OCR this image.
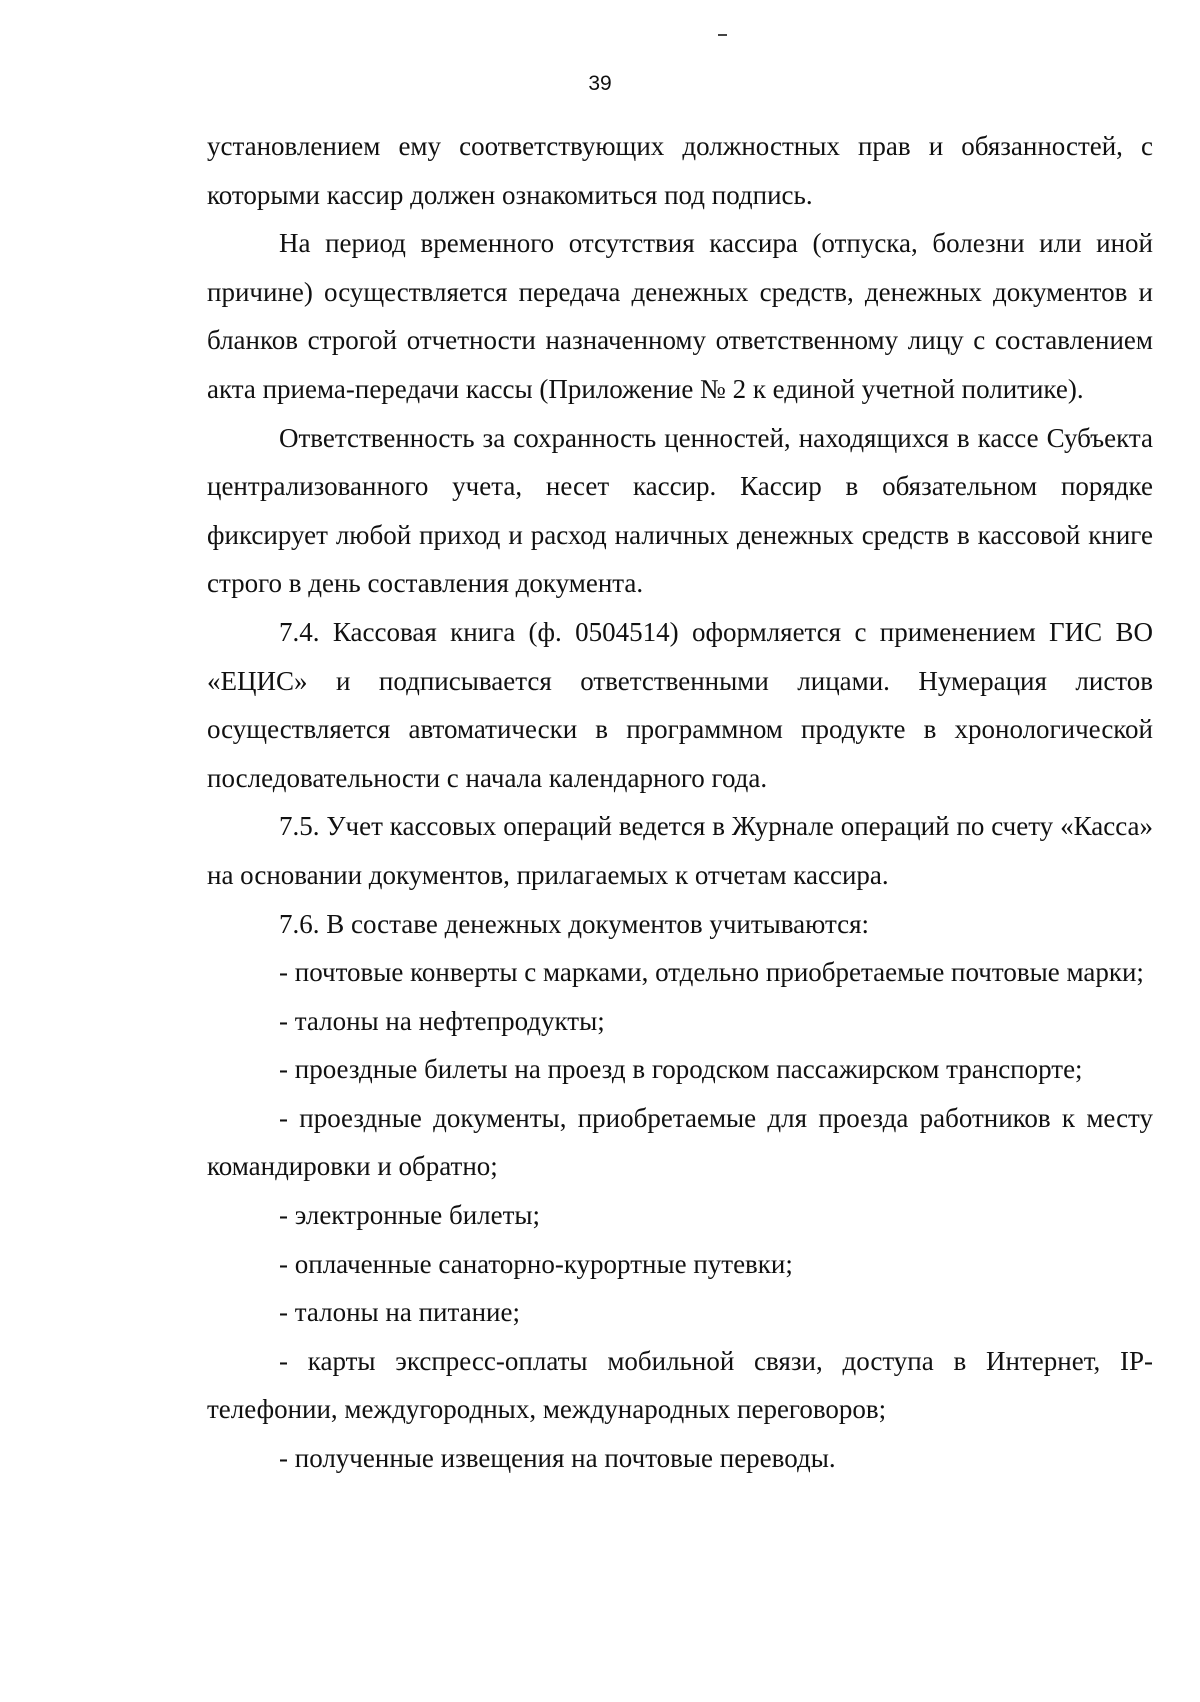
39

установлением ему соответствующих должностных прав и обязанностей, с которыми кассир должен ознакомиться под подпись.

На период временного отсутствия кассира (отпуска, болезни или иной причине) осуществляется передача денежных средств, денежных документов и бланков строгой отчетности назначенному ответственному лицу с составлением акта приема-передачи кассы (Приложение № 2 к единой учетной политике).

Ответственность за сохранность ценностей, находящихся в кассе Субъекта централизованного учета, несет кассир. Кассир в обязательном порядке фиксирует любой приход и расход наличных денежных средств в кассовой книге строго в день составления документа.

7.4. Кассовая книга (ф. 0504514) оформляется с применением ГИС ВО «ЕЦИС» и подписывается ответственными лицами. Нумерация листов осуществляется автоматически в программном продукте в хронологической последовательности с начала календарного года.

7.5. Учет кассовых операций ведется в Журнале операций по счету «Касса» на основании документов, прилагаемых к отчетам кассира.

7.6. В составе денежных документов учитываются:

- почтовые конверты с марками, отдельно приобретаемые почтовые марки;

- талоны на нефтепродукты;

- проездные билеты на проезд в городском пассажирском транспорте;

- проездные документы, приобретаемые для проезда работников к месту командировки и обратно;

- электронные билеты;

- оплаченные санаторно-курортные путевки;

- талоны на питание;

- карты экспресс-оплаты мобильной связи, доступа в Интернет, IP-телефонии, междугородных, международных переговоров;

- полученные извещения на почтовые переводы.
